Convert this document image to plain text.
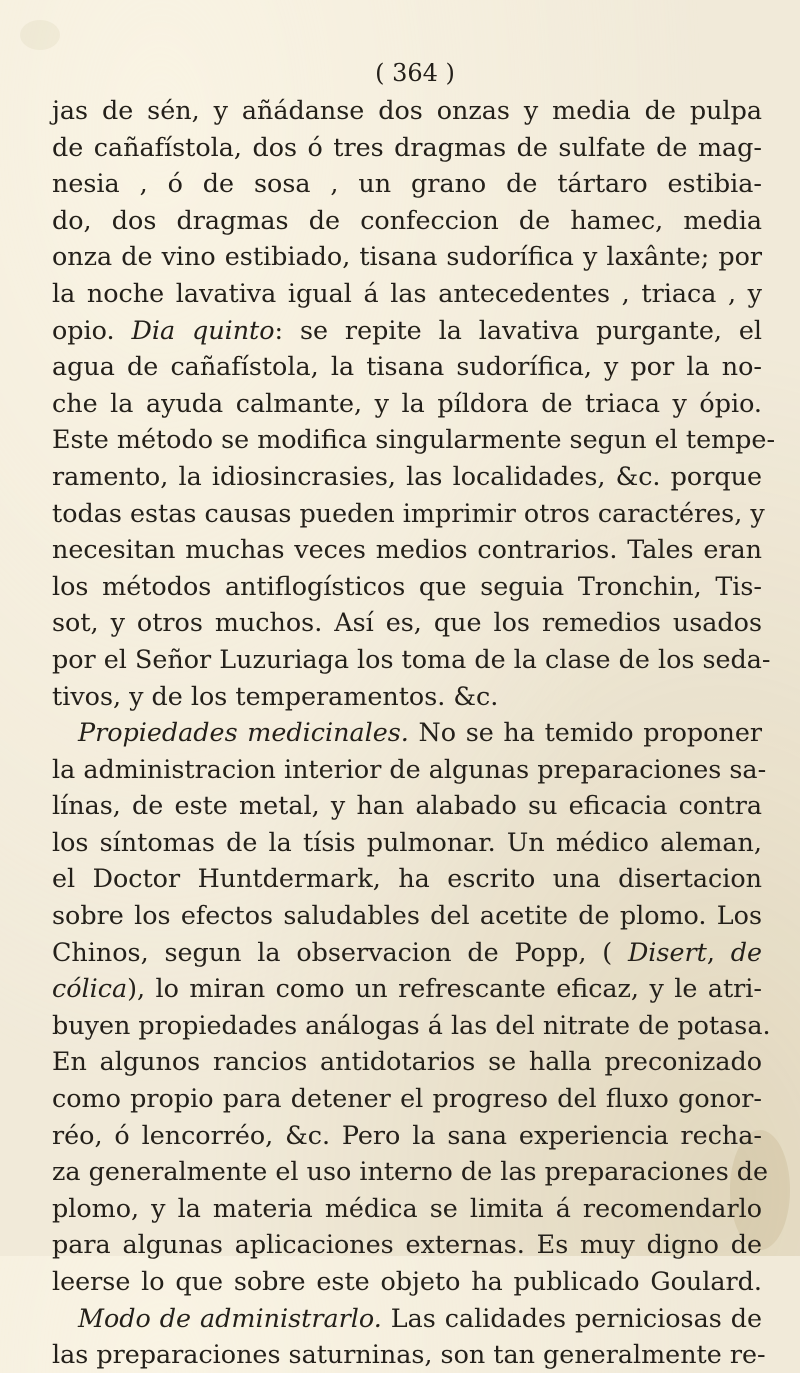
( 364 )
jas de sén, y añádanse dos onzas y media de pulpa
de cañafístola, dos ó tres dragmas de sulfate de mag-
nesia , ó de sosa , un grano de tártaro estibia-
do, dos dragmas de confeccion de hamec, media
onza de vino estibiado, tisana sudorífica y laxânte; por
la noche lavativa igual á las antecedentes , triaca , y
opio. Dia quinto: se repite la lavativa purgante, el
agua de cañafístola, la tisana sudorífica, y por la no-
che la ayuda calmante, y la píldora de triaca y ópio.
Este método se modifica singularmente segun el tempe-
ramento, la idiosincrasies, las localidades, &c. porque
todas estas causas pueden imprimir otros caractéres, y
necesitan muchas veces medios contrarios. Tales eran
los métodos antiflogísticos que seguia Tronchin, Tis-
sot, y otros muchos. Así es, que los remedios usados
por el Señor Luzuriaga los toma de la clase de los seda-
tivos, y de los temperamentos. &c.
Propiedades medicinales. No se ha temido proponer
la administracion interior de algunas preparaciones sa-
línas, de este metal, y han alabado su eficacia contra
los síntomas de la tísis pulmonar. Un médico aleman,
el Doctor Huntdermark, ha escrito una disertacion
sobre los efectos saludables del acetite de plomo. Los
Chinos, segun la observacion de Popp, ( Disert, de
cólica), lo miran como un refrescante eficaz, y le atri-
buyen propiedades análogas á las del nitrate de potasa.
En algunos rancios antidotarios se halla preconizado
como propio para detener el progreso del fluxo gonor-
réo, ó lencorréo, &c. Pero la sana experiencia recha-
za generalmente el uso interno de las preparaciones de
plomo, y la materia médica se limita á recomendarlo
para algunas aplicaciones externas. Es muy digno de
leerse lo que sobre este objeto ha publicado Goulard.
Modo de administrarlo. Las calidades perniciosas de
las preparaciones saturninas, son tan generalmente re-
